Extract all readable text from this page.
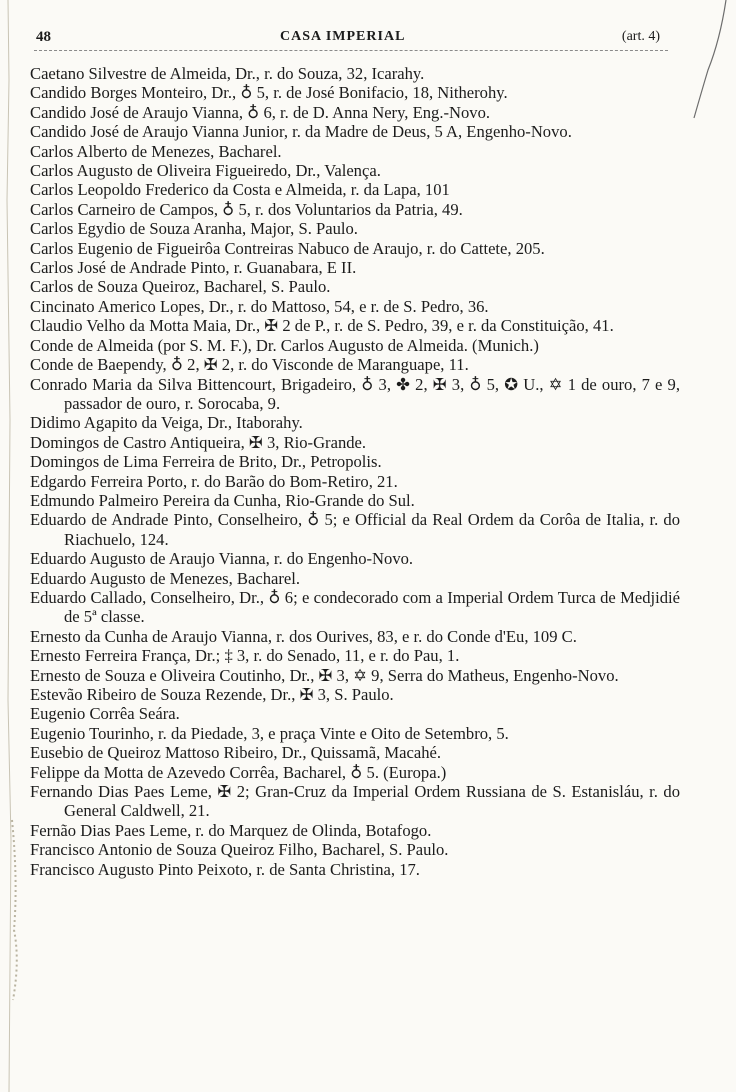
48	CASA IMPERIAL	(art. 4)

Caetano Silvestre de Almeida, Dr., r. do Souza, 32, Icarahy.

Candido Borges Monteiro, Dr., ♁ 5, r. de José Bonifacio, 18, Nitherohy.

Candido José de Araujo Vianna, ♁ 6, r. de D. Anna Nery, Eng.-Novo.

Candido José de Araujo Vianna Junior, r. da Madre de Deus, 5 A, Engenho-Novo.

Carlos Alberto de Menezes, Bacharel.

Carlos Augusto de Oliveira Figueiredo, Dr., Valença.

Carlos Leopoldo Frederico da Costa e Almeida, r. da Lapa, 101

Carlos Carneiro de Campos, ♁ 5, r. dos Voluntarios da Patria, 49.

Carlos Egydio de Souza Aranha, Major, S. Paulo.

Carlos Eugenio de Figueirôa Contreiras Nabuco de Araujo, r. do Cattete, 205.

Carlos José de Andrade Pinto, r. Guanabara, E II.

Carlos de Souza Queiroz, Bacharel, S. Paulo.

Cincinato Americo Lopes, Dr., r. do Mattoso, 54, e r. de S. Pedro, 36.

Claudio Velho da Motta Maia, Dr., ✠ 2 de P., r. de S. Pedro, 39, e r. da Constituição, 41.

Conde de Almeida (por S. M. F.), Dr. Carlos Augusto de Almeida. (Munich.)

Conde de Baependy, ♁ 2, ✠ 2, r. do Visconde de Maranguape, 11.

Conrado Maria da Silva Bittencourt, Brigadeiro, ♁ 3, ✤ 2, ✠ 3, ♁ 5, ✪ U., ✡ 1 de ouro, 7 e 9, passador de ouro, r. Sorocaba, 9.

Didimo Agapito da Veiga, Dr., Itaborahy.

Domingos de Castro Antiqueira, ✠ 3, Rio-Grande.

Domingos de Lima Ferreira de Brito, Dr., Petropolis.

Edgardo Ferreira Porto, r. do Barão do Bom-Retiro, 21.

Edmundo Palmeiro Pereira da Cunha, Rio-Grande do Sul.

Eduardo de Andrade Pinto, Conselheiro, ♁ 5; e Official da Real Ordem da Corôa de Italia, r. do Riachuelo, 124.

Eduardo Augusto de Araujo Vianna, r. do Engenho-Novo.

Eduardo Augusto de Menezes, Bacharel.

Eduardo Callado, Conselheiro, Dr., ♁ 6; e condecorado com a Imperial Ordem Turca de Medjidié de 5ª classe.

Ernesto da Cunha de Araujo Vianna, r. dos Ourives, 83, e r. do Conde d'Eu, 109 C.

Ernesto Ferreira França, Dr.; ‡ 3, r. do Senado, 11, e r. do Pau, 1.

Ernesto de Souza e Oliveira Coutinho, Dr., ✠ 3, ✡ 9, Serra do Matheus, Engenho-Novo.

Estevão Ribeiro de Souza Rezende, Dr., ✠ 3, S. Paulo.

Eugenio Corrêa Seára.

Eugenio Tourinho, r. da Piedade, 3, e praça Vinte e Oito de Setembro, 5.

Eusebio de Queiroz Mattoso Ribeiro, Dr., Quissamã, Macahé.

Felippe da Motta de Azevedo Corrêa, Bacharel, ♁ 5. (Europa.)

Fernando Dias Paes Leme, ✠ 2; Gran-Cruz da Imperial Ordem Russiana de S. Estanisláu, r. do General Caldwell, 21.

Fernão Dias Paes Leme, r. do Marquez de Olinda, Botafogo.

Francisco Antonio de Souza Queiroz Filho, Bacharel, S. Paulo.

Francisco Augusto Pinto Peixoto, r. de Santa Christina, 17.
